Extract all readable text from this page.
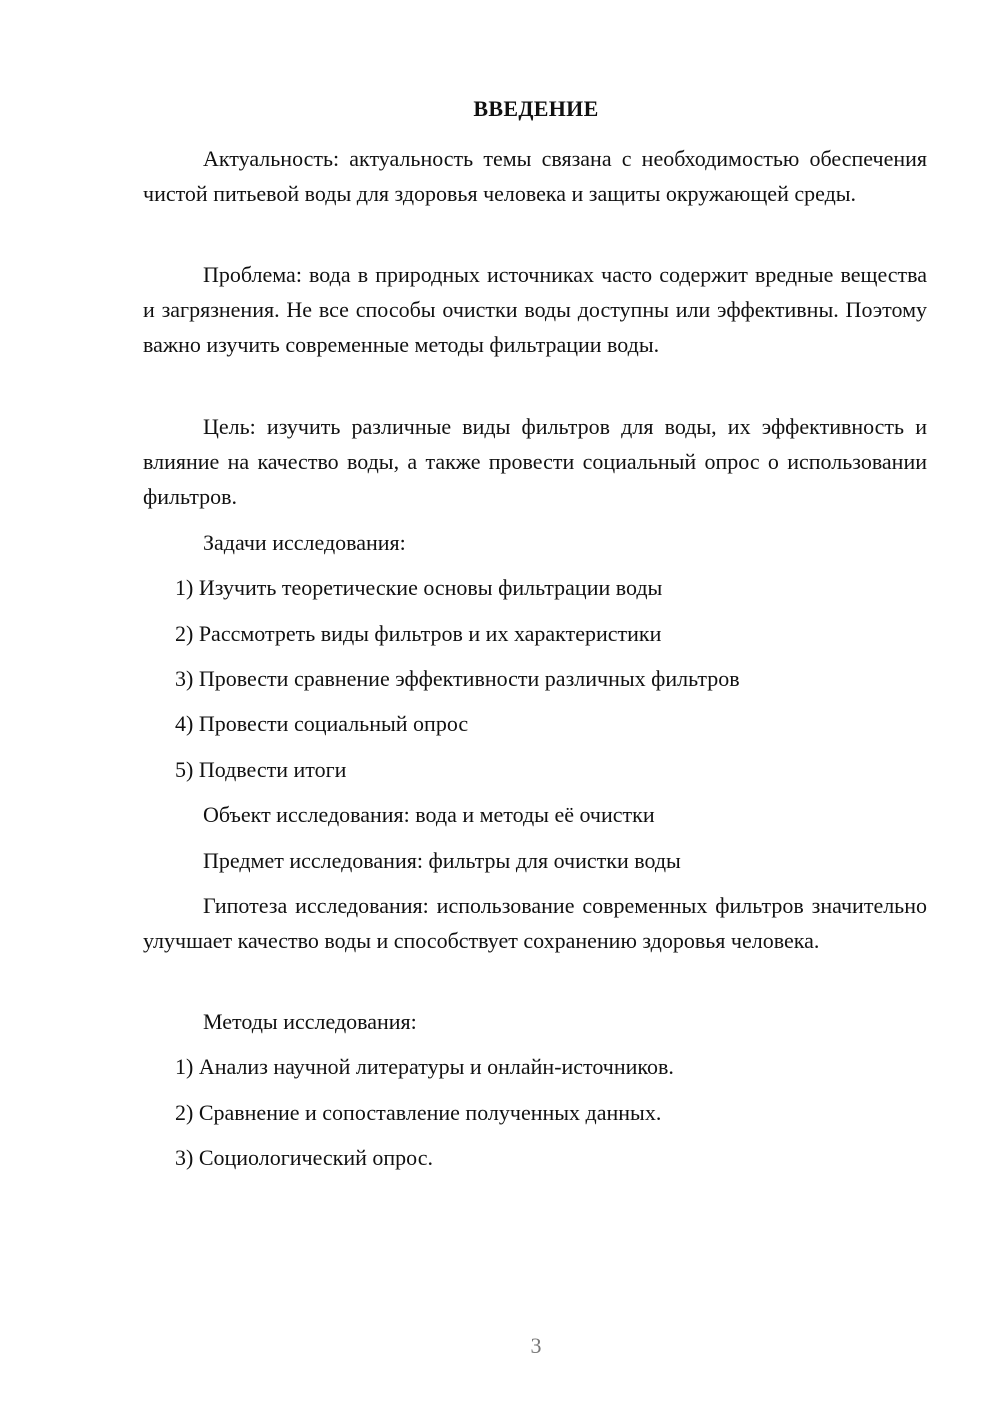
ВВЕДЕНИЕ
Актуальность: актуальность темы связана с необходимостью обеспечения чистой питьевой воды для здоровья человека и защиты окружающей среды.
Проблема: вода в природных источниках часто содержит вредные вещества и загрязнения. Не все способы очистки воды доступны или эффективны. Поэтому важно изучить современные методы фильтрации воды.
Цель: изучить различные виды фильтров для воды, их эффективность и влияние на качество воды, а также провести социальный опрос о использовании фильтров.
Задачи исследования:
1) Изучить теоретические основы фильтрации воды
2) Рассмотреть виды фильтров и их характеристики
3) Провести сравнение эффективности различных фильтров
4) Провести социальный опрос
5) Подвести итоги
Объект исследования: вода и методы её очистки
Предмет исследования: фильтры для очистки воды
Гипотеза исследования: использование современных фильтров значительно улучшает качество воды и способствует сохранению здоровья человека.
Методы исследования:
1) Анализ научной литературы и онлайн-источников.
2) Сравнение и сопоставление полученных данных.
3) Социологический опрос.
3
